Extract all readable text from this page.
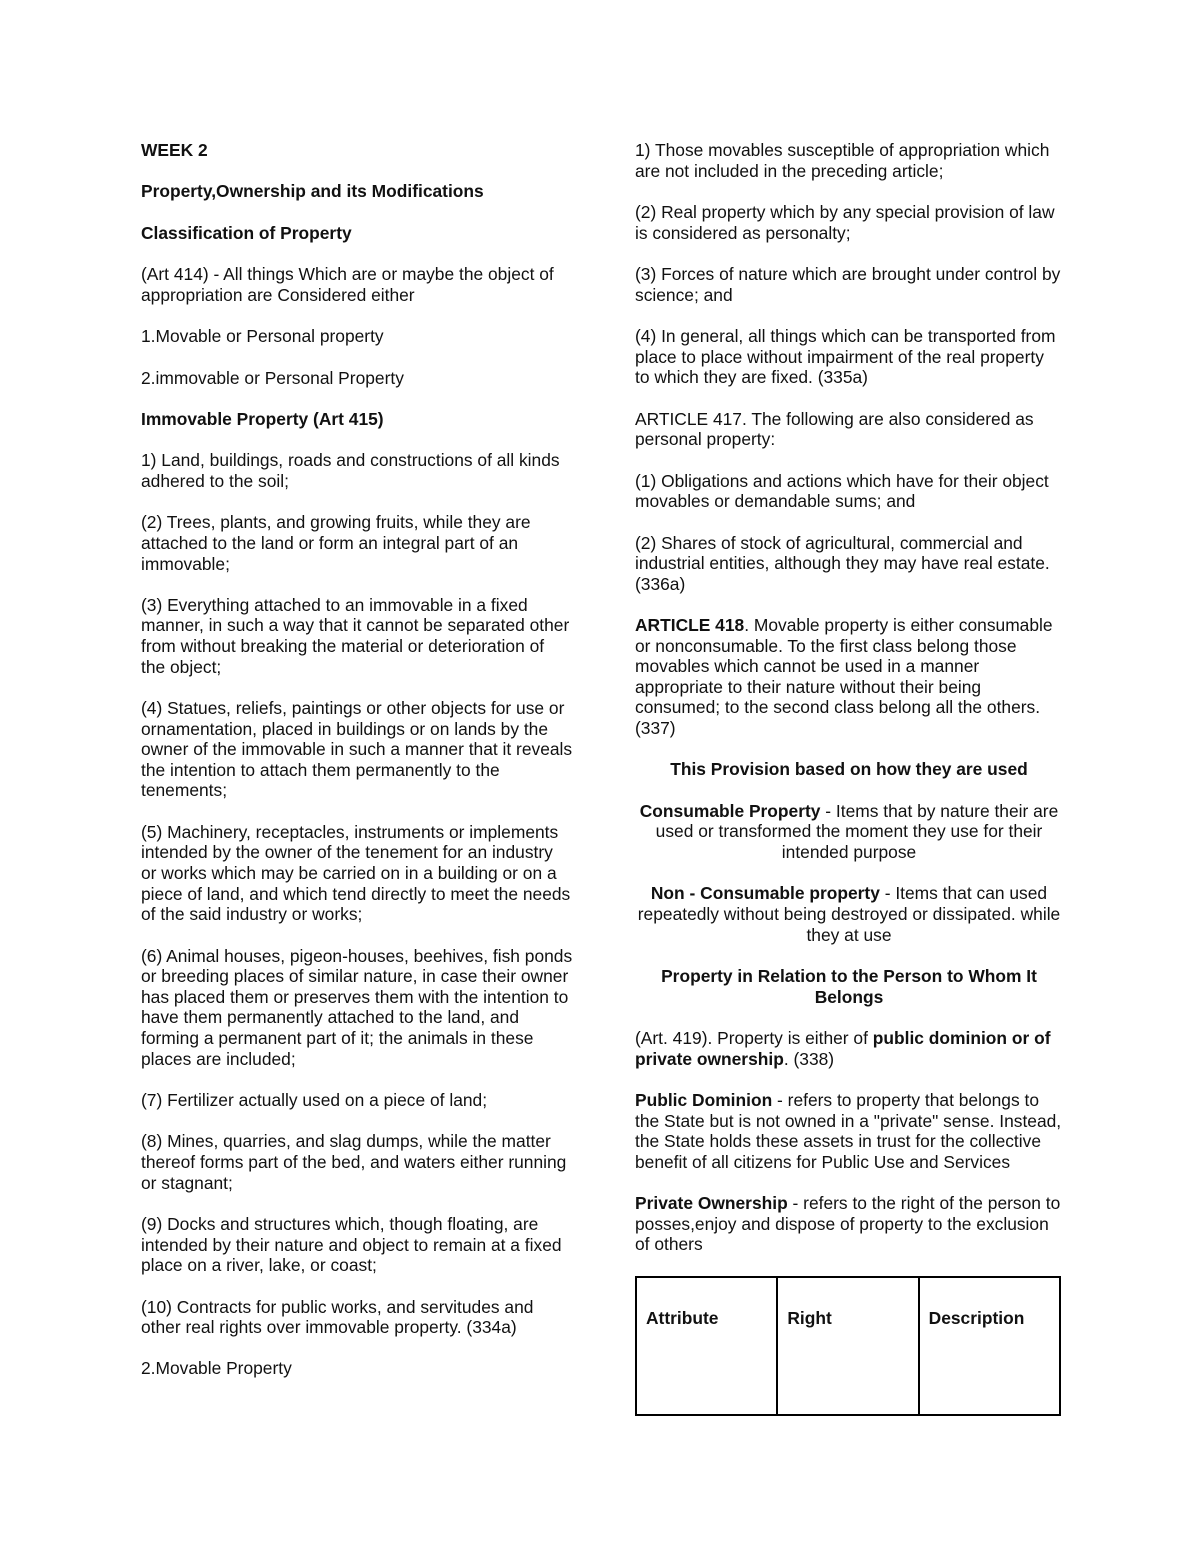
WEEK 2

Property,Ownership and its Modifications

Classification of Property

(Art 414) - All things Which are or maybe the object of appropriation are Considered either

1.Movable or Personal property

2.immovable or Personal Property

Immovable Property (Art 415)

1) Land, buildings, roads and constructions of all kinds adhered to the soil;

(2) Trees, plants, and growing fruits, while they are attached to the land or form an integral part of an immovable;

(3) Everything attached to an immovable in a fixed manner, in such a way that it cannot be separated other from without breaking the material or deterioration of the object;

(4) Statues, reliefs, paintings or other objects for use or ornamentation, placed in buildings or on lands by the owner of the immovable in such a manner that it reveals the intention to attach them permanently to the tenements;

(5) Machinery, receptacles, instruments or implements intended by the owner of the tenement for an industry or works which may be carried on in a building or on a piece of land, and which tend directly to meet the needs of the said industry or works;

(6) Animal houses, pigeon-houses, beehives, fish ponds or breeding places of similar nature, in case their owner has placed them or preserves them with the intention to have them permanently attached to the land, and forming a permanent part of it; the animals in these places are included;

(7) Fertilizer actually used on a piece of land;

(8) Mines, quarries, and slag dumps, while the matter thereof forms part of the bed, and waters either running or stagnant;

(9) Docks and structures which, though floating, are intended by their nature and object to remain at a fixed place on a river, lake, or coast;

(10) Contracts for public works, and servitudes and other real rights over immovable property. (334a)

2.Movable Property

1) Those movables susceptible of appropriation which are not included in the preceding article;

(2) Real property which by any special provision of law is considered as personalty;

(3) Forces of nature which are brought under control by science; and

(4) In general, all things which can be transported from place to place without impairment of the real property to which they are fixed. (335a)

ARTICLE 417. The following are also considered as personal property:

(1) Obligations and actions which have for their object movables or demandable sums; and

(2) Shares of stock of agricultural, commercial and industrial entities, although they may have real estate. (336a)

ARTICLE 418. Movable property is either consumable or nonconsumable. To the first class belong those movables which cannot be used in a manner appropriate to their nature without their being consumed; to the second class belong all the others. (337)

This Provision based on how they are used

Consumable Property - Items that by nature their are used or transformed the moment they use for their intended purpose

Non - Consumable property - Items that can used repeatedly without being destroyed or dissipated. while they at use

Property in Relation to the Person to Whom It Belongs

(Art. 419). Property is either of public dominion or of private ownership. (338)

Public Dominion - refers to property that belongs to the State but is not owned in a "private" sense. Instead, the State holds these assets in trust for the collective benefit of all citizens for Public Use and Services

Private Ownership - refers to the right of the person to posses,enjoy and dispose of property to the exclusion of others

Attribute	Right	Description
